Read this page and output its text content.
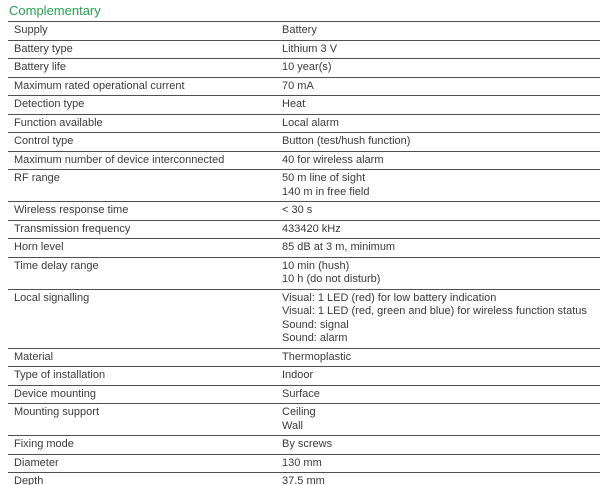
Complementary
Supply	Battery
Battery type	Lithium 3 V
Battery life	10 year(s)
Maximum rated operational current	70 mA
Detection type	Heat
Function available	Local alarm
Control type	Button (test/hush function)
Maximum number of device interconnected	40 for wireless alarm
RF range	50 m line of sight
140 m in free field
Wireless response time	< 30 s
Transmission frequency	433420 kHz
Horn level	85 dB at 3 m, minimum
Time delay range	10 min (hush)
10 h (do not disturb)
Local signalling	Visual: 1 LED (red) for low battery indication
Visual: 1 LED (red, green and blue) for wireless function status
Sound: signal
Sound: alarm
Material	Thermoplastic
Type of installation	Indoor
Device mounting	Surface
Mounting support	Ceiling
Wall
Fixing mode	By screws
Diameter	130 mm
Depth	37.5 mm
